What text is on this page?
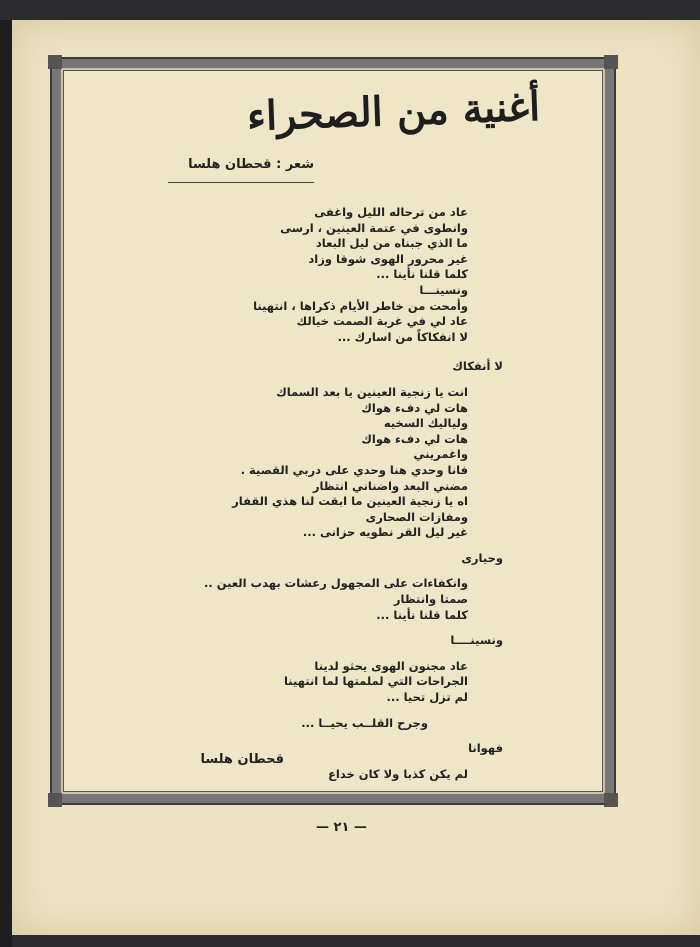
أغنية من الصحراء
شعر : قحطان هلسا
عاد من ترحاله الليل واغفى
وانطوى في عتمة العينين ، ارسى
ما الذي جبناه من ليل البعاد
غير محرور الهوى شوقا وزاد
كلما قلنا نأينا ...
ونسينـــا
وأمحت من خاطر الأيام ذكراها ، انتهينا
عاد لي في غربة الصمت خيالك
لا انفكاكاً من اسارك ...
لا أنفكاك
انت يا زنجية العينين يا بعد السماك
هات لي دفء هواك
ولياليك السخيه
هات لي دفء هواك
واغمريني
فانا وحدي هنا وحدي على دربي القصية .
مضني البعد واضناني انتظار
اه يا زنجية العينين ما ابقت لنا هذي القفار
ومفازات الصحارى
غير ليل القر نطويه حزانى ...
وحيارى
وانكفاءات على المجهول رعشات بهدب العين ..
صمتا وانتظار
كلما قلنا نأينا ...
ونسينــــا
عاد مجنون الهوى يحثو لدينا
الجراحات التي لملمتها لما انتهينا
لم تزل تحيا ...
وجرح القلــب يحيــا ...
فهوانا
لم يكن كذبا ولا كان خداع
قحطان هلسا
— ٢١ —
